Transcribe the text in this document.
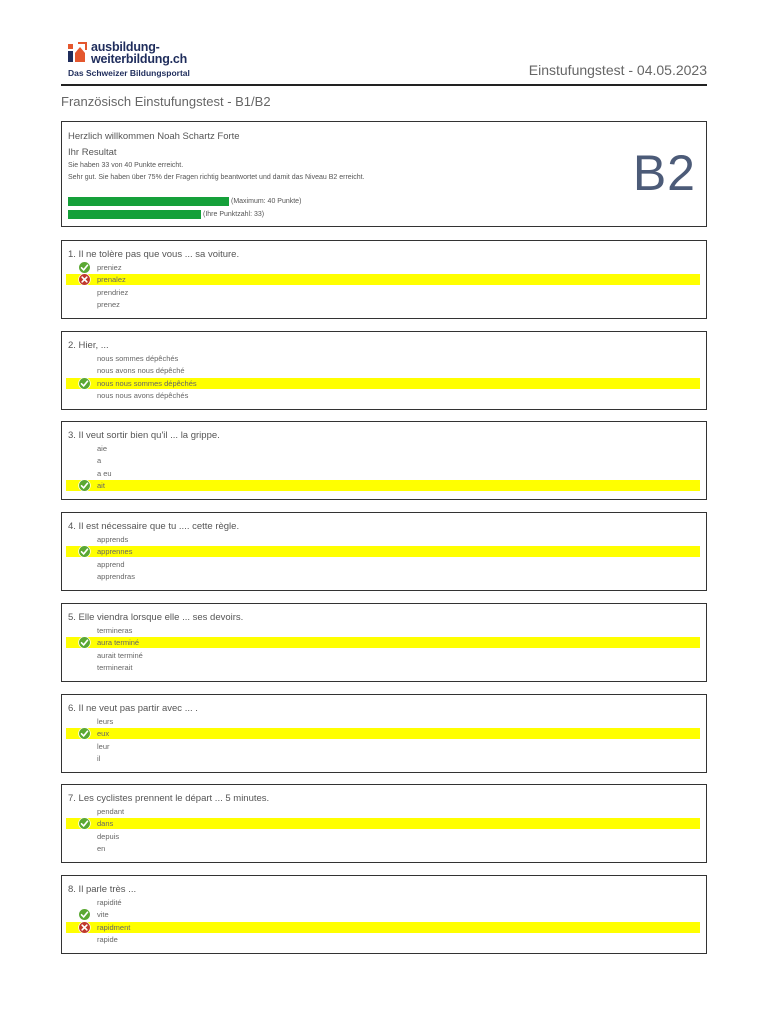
ausbildung-
weiterbildung.ch
Das Schweizer Bildungsportal	Einstufungstest - 04.05.2023
Französisch Einstufungstest - B1/B2
Herzlich willkommen Noah Schartz Forte
Ihr Resultat
Sie haben 33 von 40 Punkte erreicht.
Sehr gut. Sie haben über 75% der Fragen richtig beantwortet und damit das Niveau B2 erreicht.
(Maximum: 40 Punkte)
(Ihre Punktzahl: 33)
B2
1. Il ne tolère pas que vous ... sa voiture.
preniez
prenalez
prendriez
prenez
2. Hier, ...
nous sommes dépêchés
nous avons nous dépêché
nous nous sommes dépêchés
nous nous avons dépêchés
3. Il veut sortir bien qu'il ... la grippe.
aie
a
a eu
ait
4. Il est nécessaire que tu .... cette règle.
apprends
apprennes
apprend
apprendras
5. Elle viendra lorsque elle ... ses devoirs.
termineras
aura terminé
aurait terminé
terminerait
6. Il ne veut pas partir avec ... .
leurs
eux
leur
il
7. Les cyclistes prennent le départ ... 5 minutes.
pendant
dans
depuis
en
8. Il parle très ...
rapidité
vite
rapidment
rapide
